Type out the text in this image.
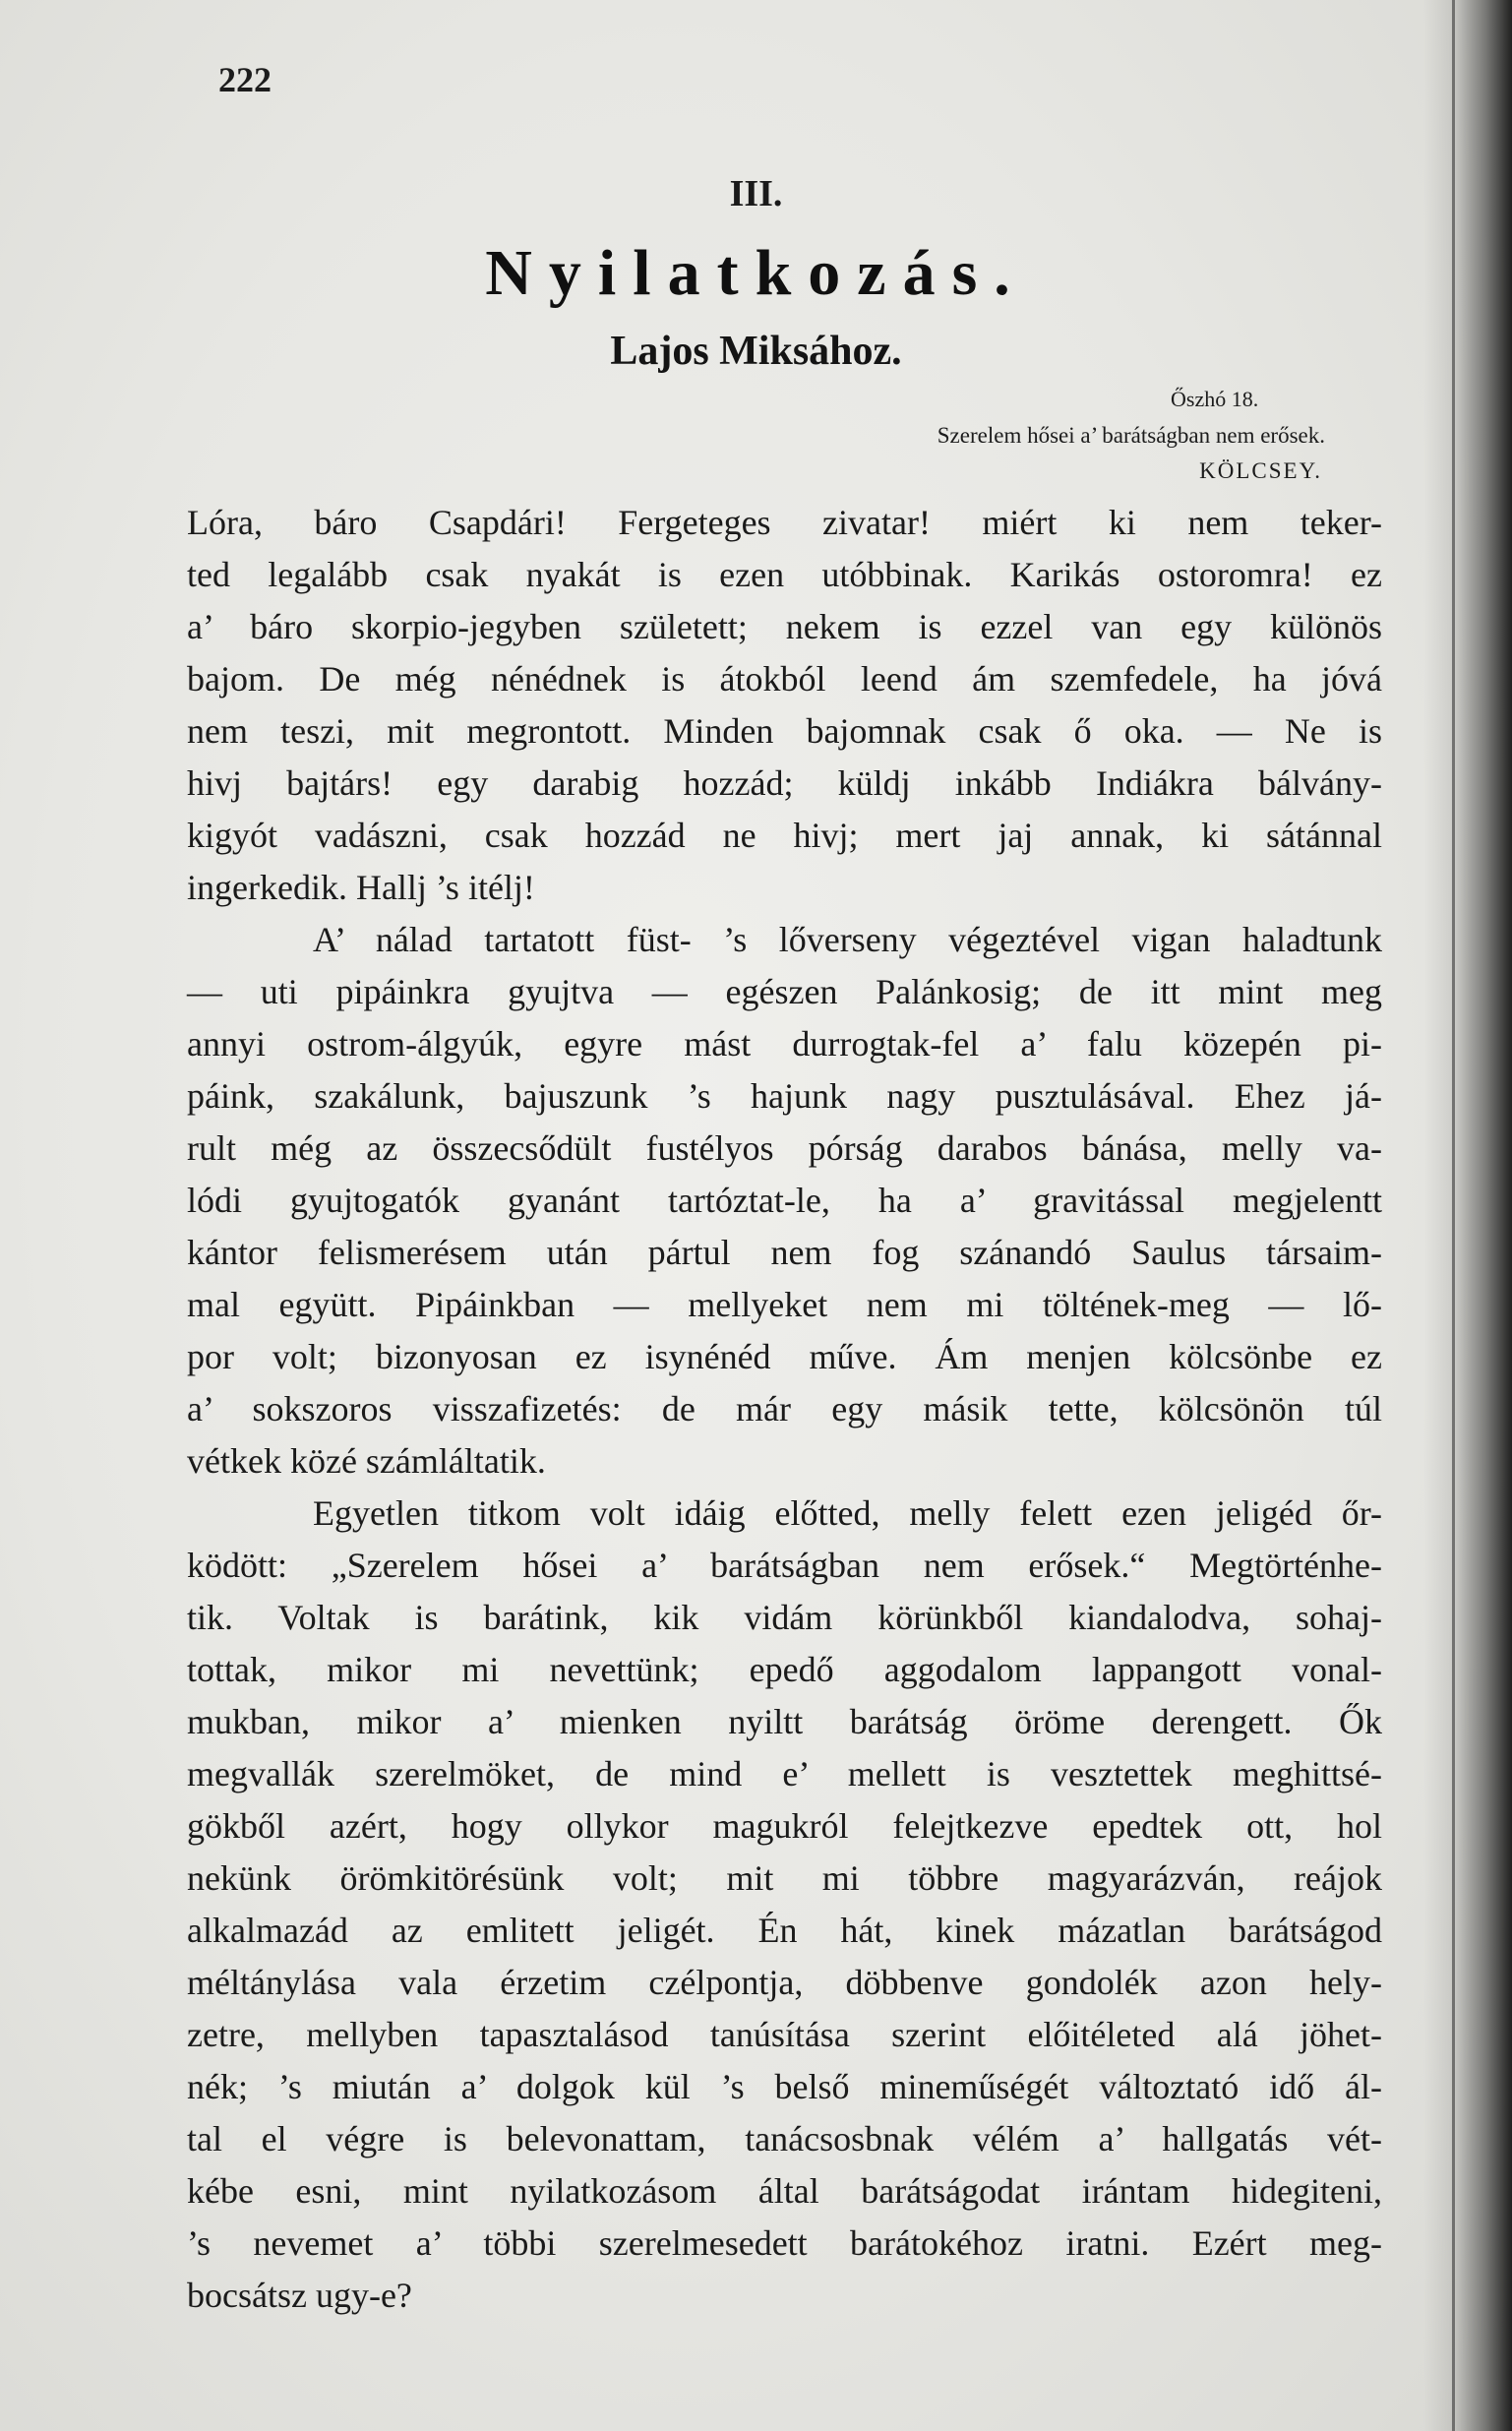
222
III.
Nyilatkozás.
Lajos Miksához.
Őszhó 18.
Szerelem hősei a’ barátságban nem erősek.
KÖLCSEY.
Lóra, báro Csapdári! Fergeteges zivatar! miért ki nem teker-
ted legalább csak nyakát is ezen utóbbinak. Karikás ostoromra! ez
a’ báro skorpio-jegyben született; nekem is ezzel van egy különös
bajom. De még nénédnek is átokból leend ám szemfedele, ha jóvá
nem teszi, mit megrontott. Minden bajomnak csak ő oka. — Ne is
hivj bajtárs! egy darabig hozzád; küldj inkább Indiákra bálvány-
kigyót vadászni, csak hozzád ne hivj; mert jaj annak, ki sátánnal
ingerkedik. Hallj ’s itélj!
A’ nálad tartatott füst- ’s lőverseny végeztével vigan haladtunk
— uti pipáinkra gyujtva — egészen Palánkosig; de itt mint meg
annyi ostrom-álgyúk, egyre mást durrogtak-fel a’ falu közepén pi-
páink, szakálunk, bajuszunk ’s hajunk nagy pusztulásával. Ehez já-
rult még az összecsődült fustélyos pórság darabos bánása, melly va-
lódi gyujtogatók gyanánt tartóztat-le, ha a’ gravitással megjelentt
kántor felismerésem után pártul nem fog szánandó Saulus társaim-
mal együtt. Pipáinkban — mellyeket nem mi töltének-meg — lő-
por volt; bizonyosan ez isynénéd műve. Ám menjen kölcsönbe ez
a’ sokszoros visszafizetés: de már egy másik tette, kölcsönön túl
vétkek közé számláltatik.
Egyetlen titkom volt idáig előtted, melly felett ezen jeligéd őr-
ködött: „Szerelem hősei a’ barátságban nem erősek.“ Megtörténhe-
tik. Voltak is barátink, kik vidám körünkből kiandalodva, sohaj-
tottak, mikor mi nevettünk; epedő aggodalom lappangott vonal-
mukban, mikor a’ mienken nyiltt barátság öröme derengett. Ők
megvallák szerelmöket, de mind e’ mellett is vesztettek meghittsé-
gökből azért, hogy ollykor magukról felejtkezve epedtek ott, hol
nekünk örömkitörésünk volt; mit mi többre magyarázván, reájok
alkalmazád az emlitett jeligét. Én hát, kinek mázatlan barátságod
méltánylása vala érzetim czélpontja, döbbenve gondolék azon hely-
zetre, mellyben tapasztalásod tanúsítása szerint előitéleted alá jöhet-
nék; ’s miután a’ dolgok kül ’s belső mineműségét változtató idő ál-
tal el végre is belevonattam, tanácsosbnak vélém a’ hallgatás vét-
kébe esni, mint nyilatkozásom által barátságodat irántam hidegiteni,
’s nevemet a’ többi szerelmesedett barátokéhoz iratni. Ezért meg-
bocsátsz ugy-e?
